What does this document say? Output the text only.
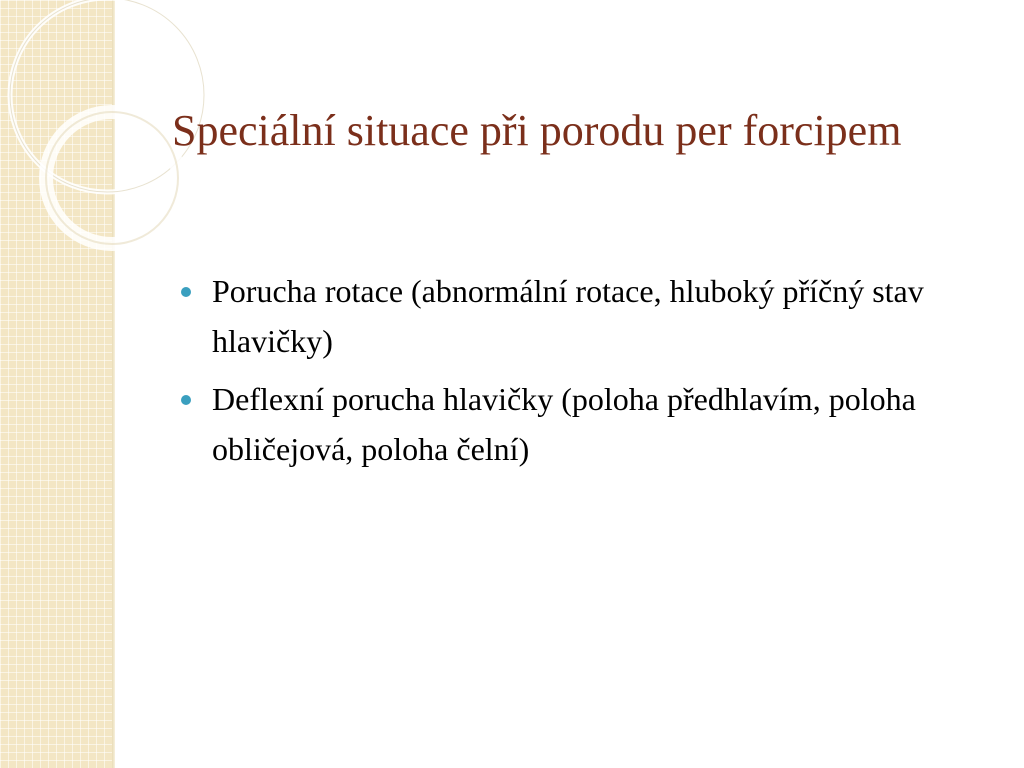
Speciální situace při porodu per forcipem
Porucha rotace (abnormální rotace, hluboký příčný stav hlavičky)
Deflexní porucha hlavičky (poloha předhlavím, poloha obličejová, poloha čelní)
